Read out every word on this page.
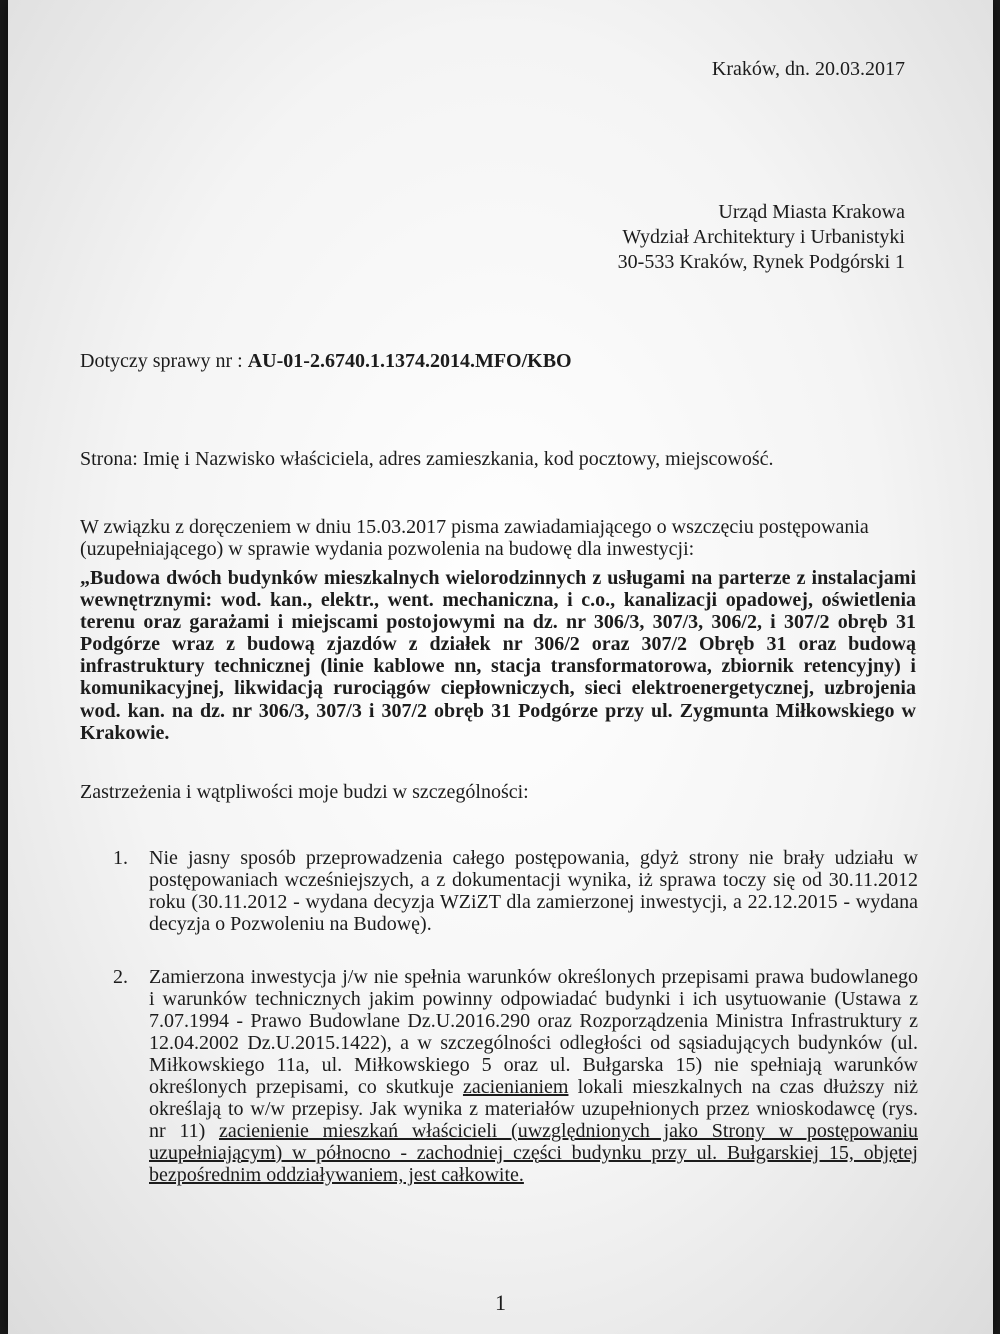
Kraków, dn. 20.03.2017
Urząd Miasta Krakowa
Wydział Architektury i Urbanistyki
30-533 Kraków, Rynek Podgórski 1
Dotyczy sprawy nr : AU-01-2.6740.1.1374.2014.MFO/KBO
Strona: Imię i Nazwisko właściciela, adres zamieszkania, kod pocztowy, miejscowość.
W związku z doręczeniem w dniu 15.03.2017 pisma zawiadamiającego o wszczęciu postępowania (uzupełniającego) w sprawie wydania pozwolenia na budowę dla inwestycji:
„Budowa dwóch budynków mieszkalnych wielorodzinnych z usługami na parterze z instalacjami wewnętrznymi: wod. kan., elektr., went. mechaniczna, i c.o., kanalizacji opadowej, oświetlenia terenu oraz garażami i miejscami postojowymi na dz. nr 306/3, 307/3, 306/2, i 307/2 obręb 31 Podgórze wraz z budową zjazdów z działek nr 306/2 oraz 307/2 Obręb 31 oraz budową infrastruktury technicznej (linie kablowe nn, stacja transformatorowa, zbiornik retencyjny) i komunikacyjnej, likwidacją rurociągów ciepłowniczych, sieci elektroenergetycznej, uzbrojenia wod. kan. na dz. nr 306/3, 307/3 i 307/2 obręb 31 Podgórze przy ul. Zygmunta Miłkowskiego w Krakowie.
Zastrzeżenia i wątpliwości moje budzi w szczególności:
1. Nie jasny sposób przeprowadzenia całego postępowania, gdyż strony nie brały udziału w postępowaniach wcześniejszych, a z dokumentacji wynika, iż sprawa toczy się od 30.11.2012 roku (30.11.2012 - wydana decyzja WZiZT dla zamierzonej inwestycji, a 22.12.2015 - wydana decyzja o Pozwoleniu na Budowę).
2. Zamierzona inwestycja j/w nie spełnia warunków określonych przepisami prawa budowlanego i warunków technicznych jakim powinny odpowiadać budynki i ich usytuowanie (Ustawa z 7.07.1994 - Prawo Budowlane Dz.U.2016.290 oraz Rozporządzenia Ministra Infrastruktury z 12.04.2002 Dz.U.2015.1422), a w szczególności odległości od sąsiadujących budynków (ul. Miłkowskiego 11a, ul. Miłkowskiego 5 oraz ul. Bułgarska 15) nie spełniają warunków określonych przepisami, co skutkuje zacienianiem lokali mieszkalnych na czas dłuższy niż określają to w/w przepisy. Jak wynika z materiałów uzupełnionych przez wnioskodawcę (rys. nr 11) zacienienie mieszkań właścicieli (uwzględnionych jako Strony w postępowaniu uzupełniającym) w północno - zachodniej części budynku przy ul. Bułgarskiej 15, objętej bezpośrednim oddziaływaniem, jest całkowite.
1
